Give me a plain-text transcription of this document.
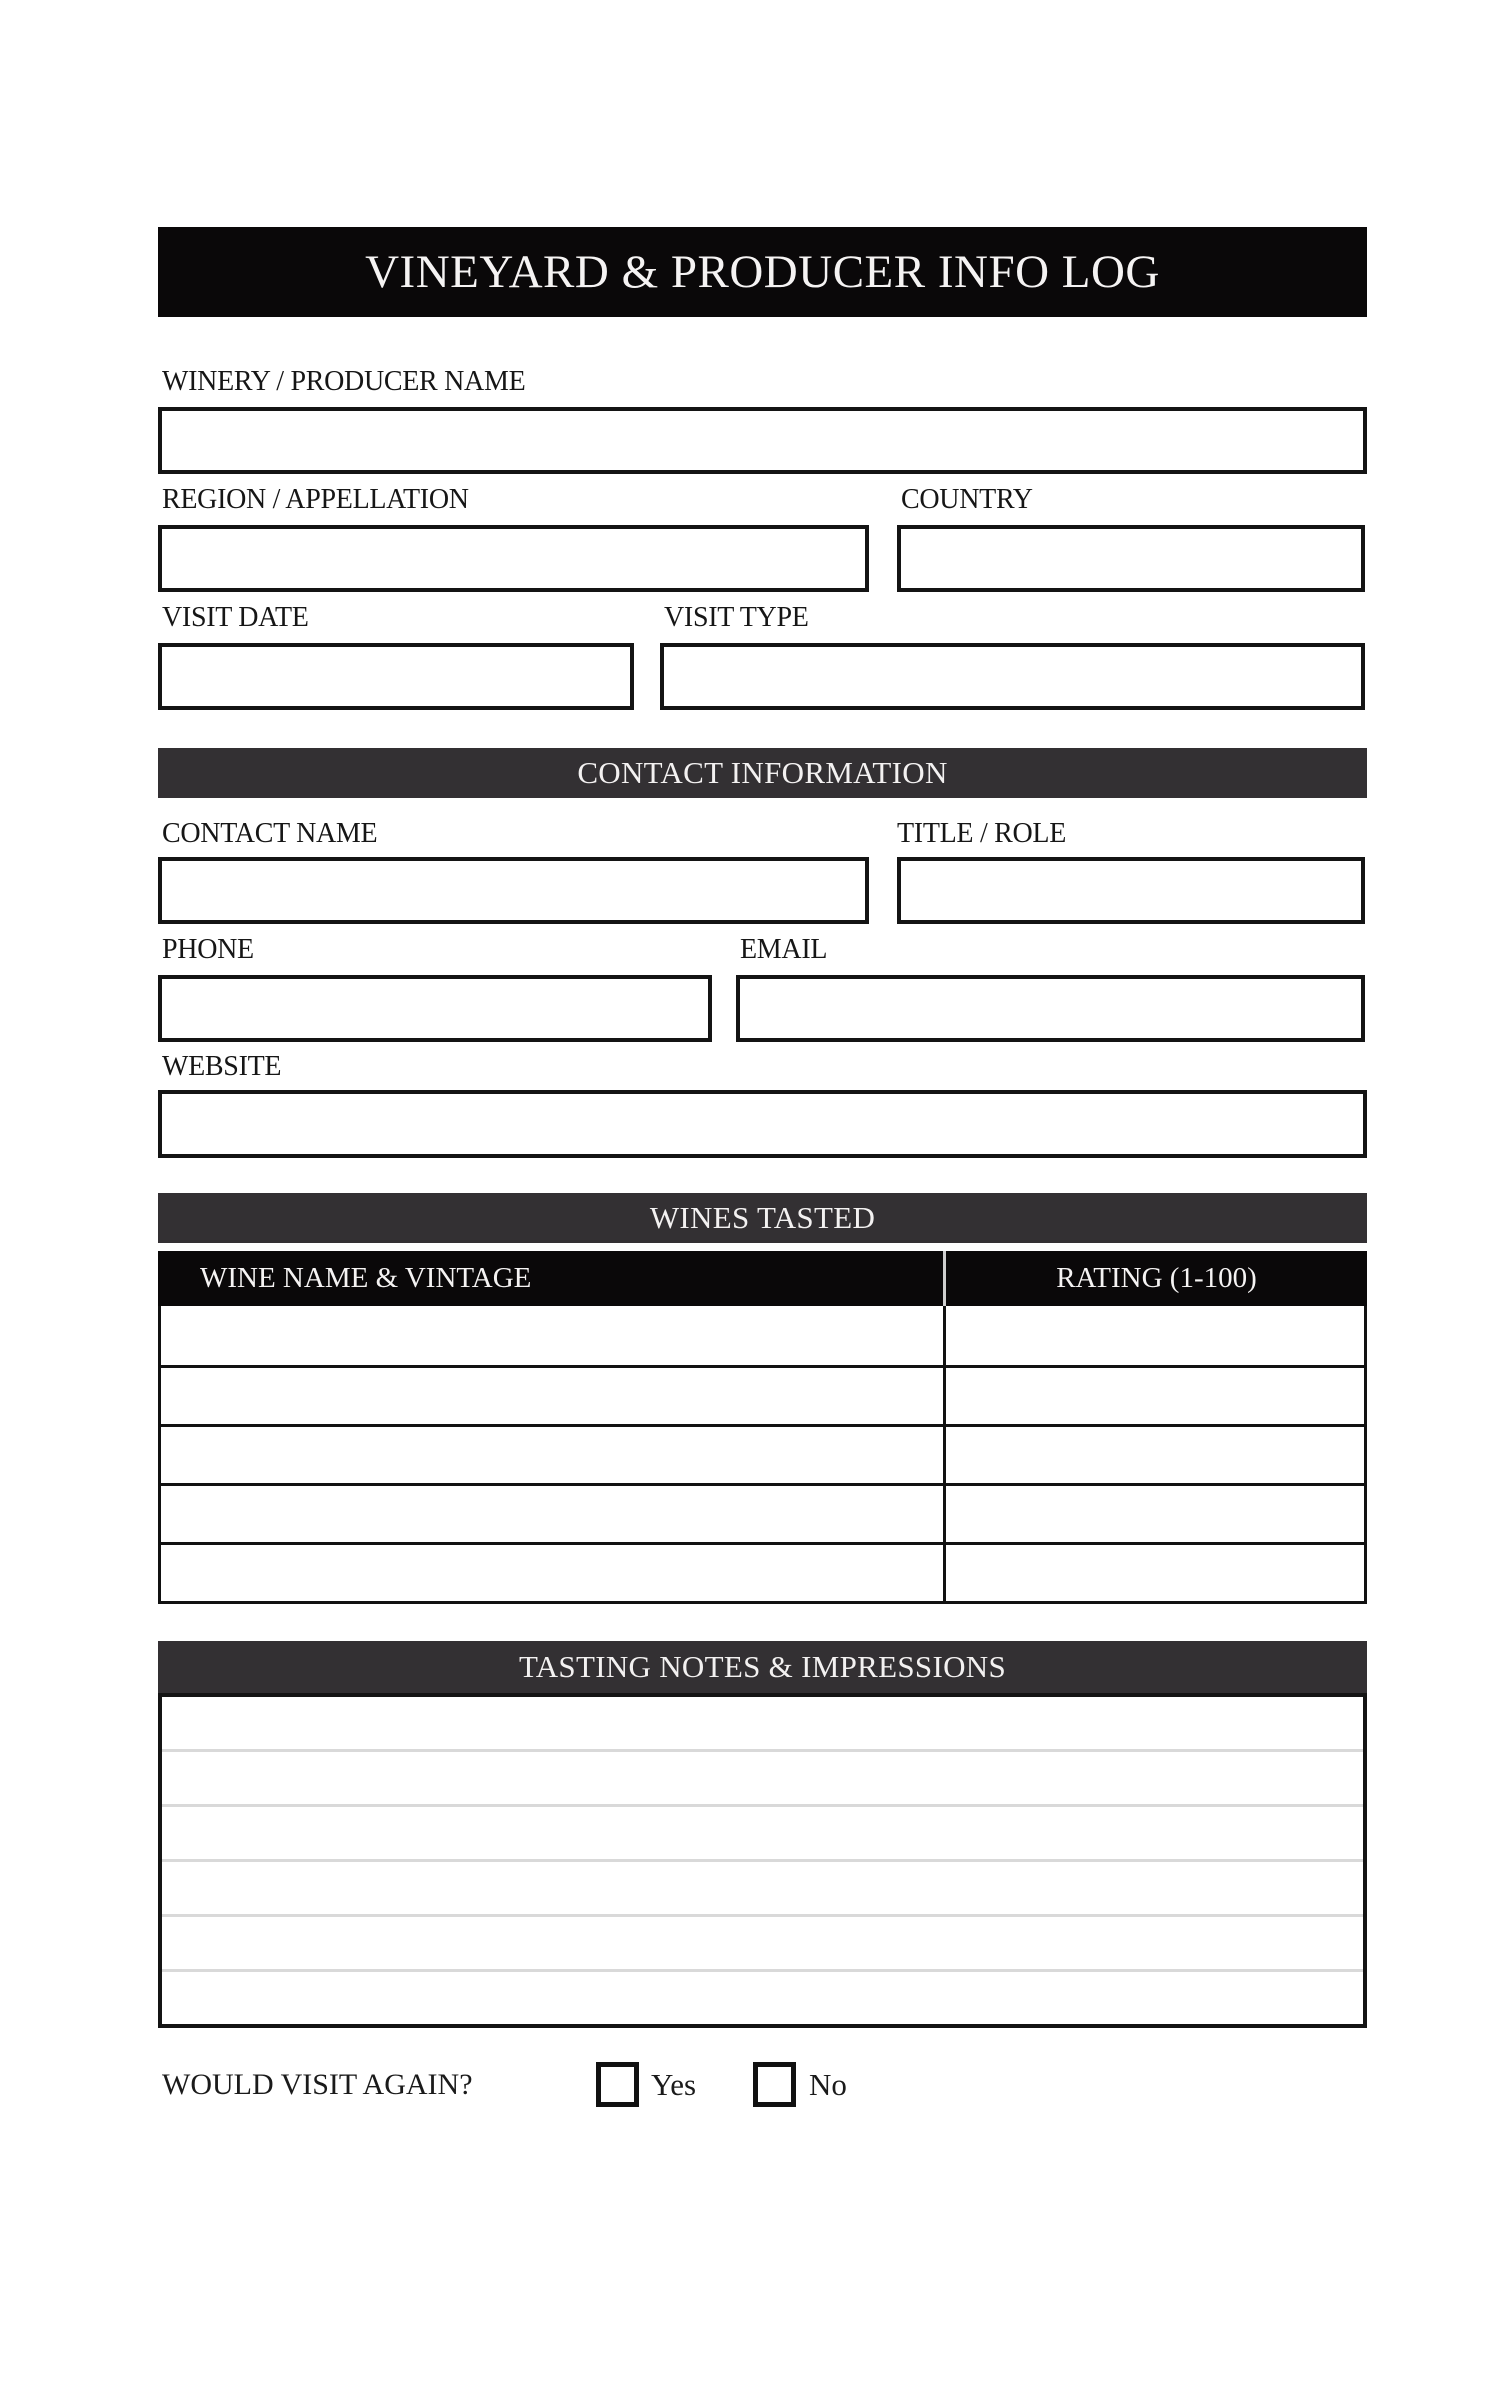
VINEYARD & PRODUCER INFO LOG
WINERY / PRODUCER NAME
REGION / APPELLATION	COUNTRY
VISIT DATE	VISIT TYPE
CONTACT INFORMATION
CONTACT NAME	TITLE / ROLE
PHONE	EMAIL
WEBSITE
WINES TASTED
WINE NAME & VINTAGE	RATING (1-100)
TASTING NOTES & IMPRESSIONS
WOULD VISIT AGAIN?	Yes	No
